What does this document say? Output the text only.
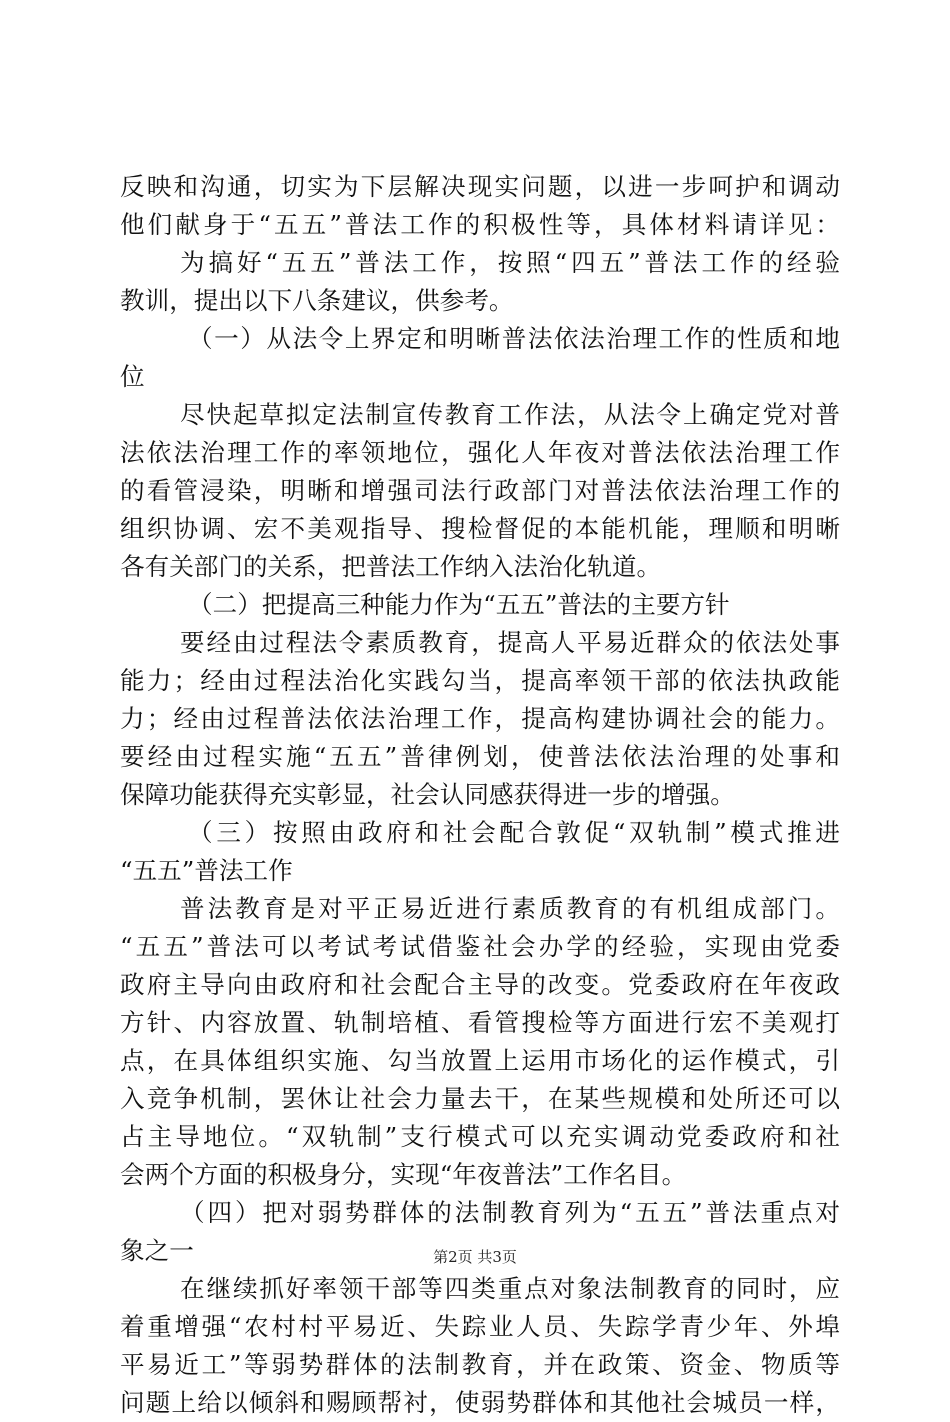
反映和沟通，切实为下层解决现实问题，以进一步呵护和调动
他们献身于“五五”普法工作的积极性等，具体材料请详见：
为搞好“五五”普法工作，按照“四五”普法工作的经验
教训，提出以下八条建议，供参考。
（一）从法令上界定和明晰普法依法治理工作的性质和地
位
尽快起草拟定法制宣传教育工作法，从法令上确定党对普
法依法治理工作的率领地位，强化人年夜对普法依法治理工作
的看管浸染，明晰和增强司法行政部门对普法依法治理工作的
组织协调、宏不美观指导、搜检督促的本能机能，理顺和明晰
各有关部门的关系，把普法工作纳入法治化轨道。
（二）把提高三种能力作为“五五”普法的主要方针
要经由过程法令素质教育，提高人平易近群众的依法处事
能力；经由过程法治化实践勾当，提高率领干部的依法执政能
力；经由过程普法依法治理工作，提高构建协调社会的能力。
要经由过程实施“五五”普律例划，使普法依法治理的处事和
保障功能获得充实彰显，社会认同感获得进一步的增强。
（三）按照由政府和社会配合敦促“双轨制”模式推进
“五五”普法工作
普法教育是对平正易近进行素质教育的有机组成部门。
“五五”普法可以考试考试借鉴社会办学的经验，实现由党委
政府主导向由政府和社会配合主导的改变。党委政府在年夜政
方针、内容放置、轨制培植、看管搜检等方面进行宏不美观打
点，在具体组织实施、勾当放置上运用市场化的运作模式，引
入竞争机制，罢休让社会力量去干，在某些规模和处所还可以
占主导地位。“双轨制”支行模式可以充实调动党委政府和社
会两个方面的积极身分，实现“年夜普法”工作名目。
（四）把对弱势群体的法制教育列为“五五”普法重点对
象之一
在继续抓好率领干部等四类重点对象法制教育的同时，应
着重增强“农村村平易近、失踪业人员、失踪学青少年、外埠
平易近工”等弱势群体的法制教育，并在政策、资金、物质等
问题上给以倾斜和赐顾帮衬，使弱势群体和其他社会城员一样，
第2页 共3页
